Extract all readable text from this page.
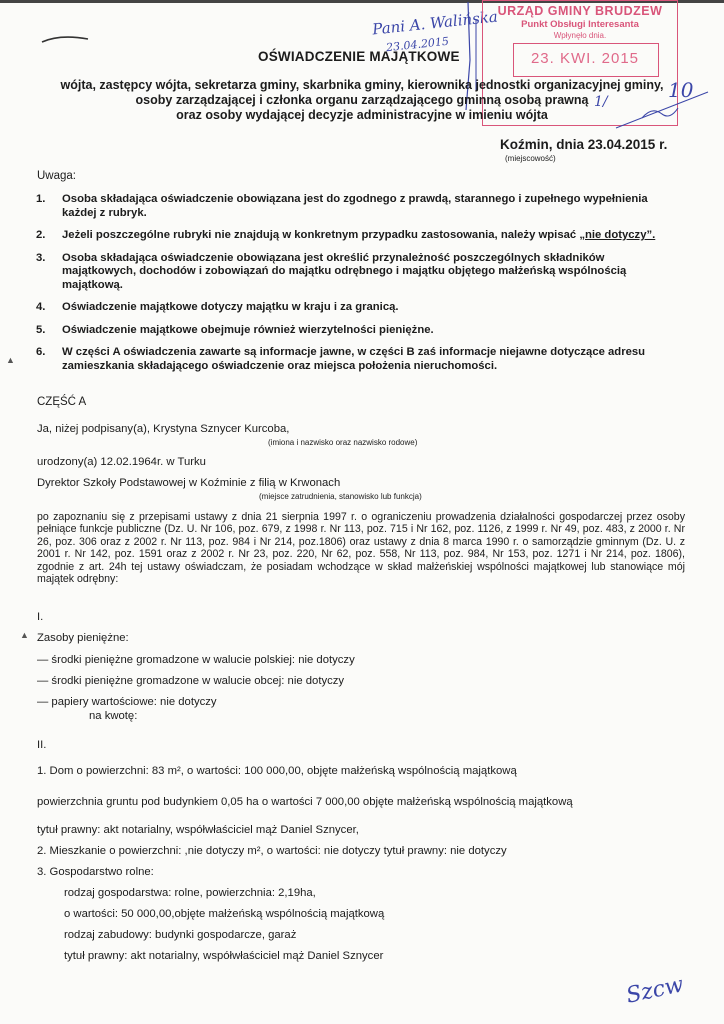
Pani A. Walińska
23.04.2015
URZĄD GMINY BRUDZEW
Punkt Obsługi Interesanta
Wpłynęło dnia.
23. KWI. 2015
10
1/
OŚWIADCZENIE MAJĄTKOWE
wójta, zastępcy wójta, sekretarza gminy, skarbnika gminy, kierownika jednostki organizacyjnej gminy,
osoby zarządzającej i członka organu zarządzającego gminną osobą prawną
oraz osoby wydającej decyzje administracyjne w imieniu wójta
Koźmin, dnia 23.04.2015 r.
(miejscowość)
Uwaga:
1. Osoba składająca oświadczenie obowiązana jest do zgodnego z prawdą, starannego i zupełnego wypełnienia każdej z rubryk.
2. Jeżeli poszczególne rubryki nie znajdują w konkretnym przypadku zastosowania, należy wpisać „nie dotyczy”.
3. Osoba składająca oświadczenie obowiązana jest określić przynależność poszczególnych składników majątkowych, dochodów i zobowiązań do majątku odrębnego i majątku objętego małżeńską wspólnością majątkową.
4. Oświadczenie majątkowe dotyczy majątku w kraju i za granicą.
5. Oświadczenie majątkowe obejmuje również wierzytelności pieniężne.
6. W części A oświadczenia zawarte są informacje jawne, w części B zaś informacje niejawne dotyczące adresu zamieszkania składającego oświadczenie oraz miejsca położenia nieruchomości.
▲
CZĘŚĆ A
Ja, niżej podpisany(a), Krystyna Sznycer Kurcoba,
(imiona i nazwisko oraz nazwisko rodowe)
urodzony(a) 12.02.1964r. w Turku
Dyrektor Szkoły Podstawowej w Koźminie z filią w Krwonach
(miejsce zatrudnienia, stanowisko lub funkcja)
po zapoznaniu się z przepisami ustawy z dnia 21 sierpnia 1997 r. o ograniczeniu prowadzenia działalności gospodarczej przez osoby pełniące funkcje publiczne (Dz. U. Nr 106, poz. 679, z 1998 r. Nr 113, poz. 715 i Nr 162, poz. 1126, z 1999 r. Nr 49, poz. 483, z 2000 r. Nr 26, poz. 306 oraz z 2002 r. Nr 113, poz. 984 i Nr 214, poz.1806) oraz ustawy z dnia 8 marca 1990 r. o samorządzie gminnym (Dz. U. z 2001 r. Nr 142, poz. 1591 oraz z 2002 r. Nr 23, poz. 220, Nr 62, poz. 558, Nr 113, poz. 984, Nr 153, poz. 1271 i Nr 214, poz. 1806), zgodnie z art. 24h tej ustawy oświadczam, że posiadam wchodzące w skład małżeńskiej wspólności majątkowej lub stanowiące mój majątek odrębny:
I.
▲ Zasoby pieniężne:
— środki pieniężne gromadzone w walucie polskiej: nie dotyczy
— środki pieniężne gromadzone w walucie obcej: nie dotyczy
— papiery wartościowe: nie dotyczy
na kwotę:
II.
1. Dom o powierzchni: 83 m², o wartości: 100 000,00, objęte małżeńską wspólnością majątkową
powierzchnia gruntu pod budynkiem 0,05 ha o wartości 7 000,00 objęte małżeńską wspólnością majątkową
tytuł prawny: akt notarialny, współwłaściciel mąż Daniel Sznycer,
2. Mieszkanie o powierzchni: ,nie dotyczy m², o wartości: nie dotyczy tytuł prawny: nie dotyczy
3. Gospodarstwo rolne:
rodzaj gospodarstwa: rolne, powierzchnia: 2,19ha,
o wartości: 50 000,00,objęte małżeńską wspólnością majątkową
rodzaj zabudowy: budynki gospodarcze, garaż
tytuł prawny: akt notarialny, współwłaściciel mąż Daniel Sznycer
Szcw
